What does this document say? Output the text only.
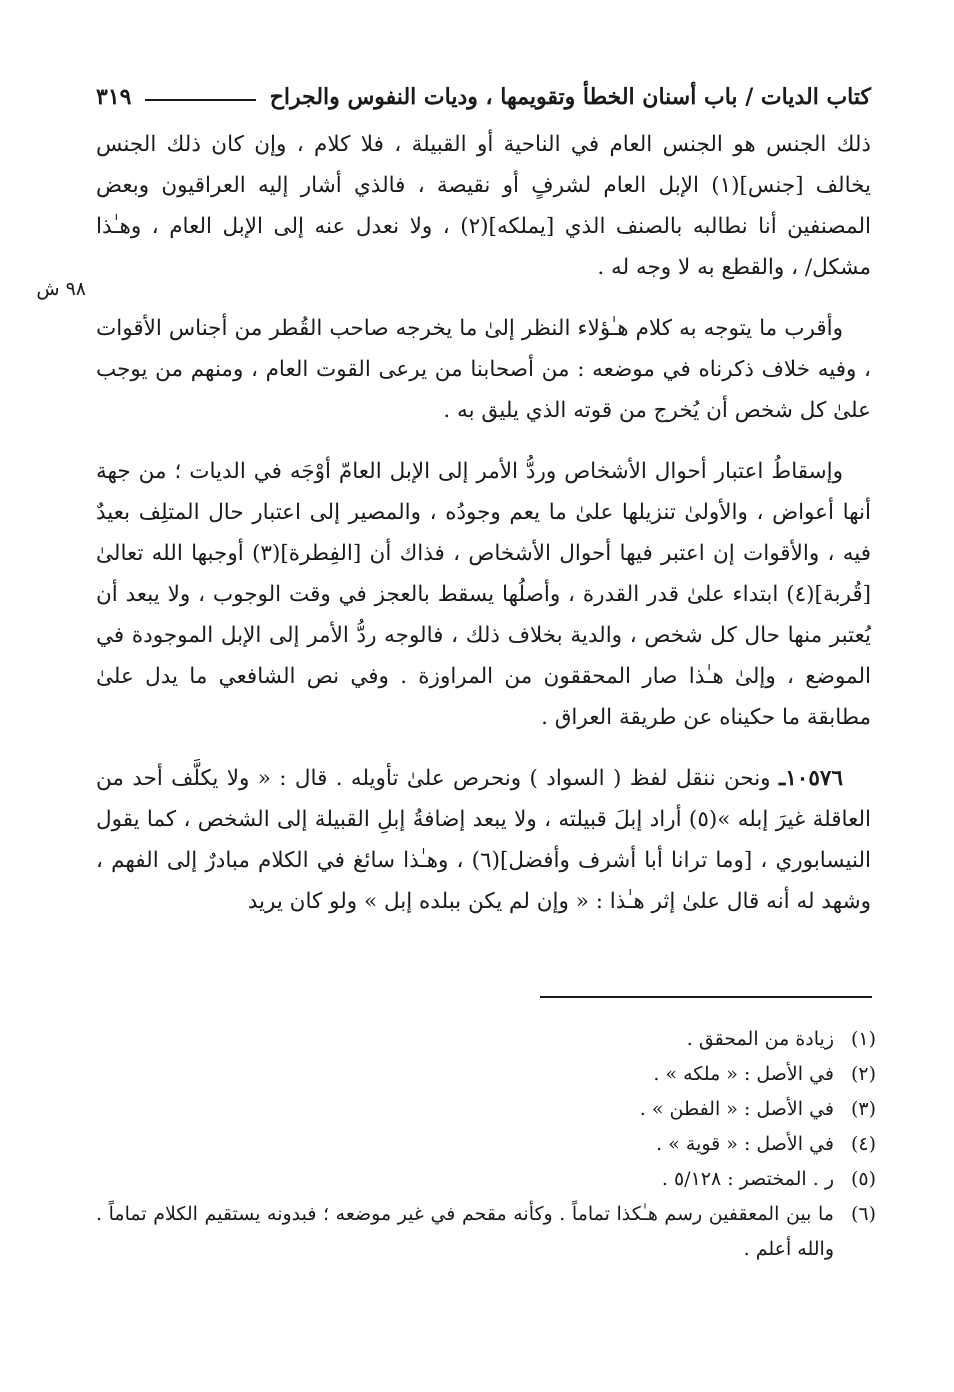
كتاب الديات / باب أسنان الخطأ وتقويمها ، وديات النفوس والجراح
٣١٩
٩٨ ش

ذلك الجنس هو الجنس العام في الناحية أو القبيلة ، فلا كلام ، وإن كان ذلك الجنس يخالف [جنس](١) الإبل العام لشرفٍ أو نقيصة ، فالذي أشار إليه العراقيون وبعض المصنفين أنا نطالبه بالصنف الذي [يملكه](٢) ، ولا نعدل عنه إلى الإبل العام ، وهـٰذا مشكل/ ، والقطع به لا وجه له .

وأقرب ما يتوجه به كلام هـٰؤلاء النظر إلىٰ ما يخرجه صاحب القُطر من أجناس الأقوات ، وفيه خلاف ذكرناه في موضعه : من أصحابنا من يرعى القوت العام ، ومنهم من يوجب علىٰ كل شخص أن يُخرج من قوته الذي يليق به .

وإسقاطُ اعتبار أحوال الأشخاص وردُّ الأمر إلى الإبل العامّ أوْجَه في الديات ؛ من جهة أنها أعواض ، والأولىٰ تنزيلها علىٰ ما يعم وجودُه ، والمصير إلى اعتبار حال المتلِف بعيدٌ فيه ، والأقوات إن اعتبر فيها أحوال الأشخاص ، فذاك أن [الفِطرة](٣) أوجبها الله تعالىٰ [قُربة](٤) ابتداء علىٰ قدر القدرة ، وأصلُها يسقط بالعجز في وقت الوجوب ، ولا يبعد أن يُعتبر منها حال كل شخص ، والدية بخلاف ذلك ، فالوجه ردُّ الأمر إلى الإبل الموجودة في الموضع ، وإلىٰ هـٰذا صار المحققون من المراوزة . وفي نص الشافعي ما يدل علىٰ مطابقة ما حكيناه عن طريقة العراق .

١٠٥٧٦ـ ونحن ننقل لفظ ( السواد ) ونحرص علىٰ تأويله . قال : « ولا يكلَّف أحد من العاقلة غيرَ إبله »(٥) أراد إبلَ قبيلته ، ولا يبعد إضافةُ إبلِ القبيلة إلى الشخص ، كما يقول النيسابوري ، [وما ترانا أبا أشرف وأفضل](٦) ، وهـٰذا سائغ في الكلام مبادرٌ إلى الفهم ، وشهد له أنه قال علىٰ إثر هـٰذا : « وإن لم يكن ببلده إبل » ولو كان يريد

(١)
زيادة من المحقق .
(٢)
في الأصل : « ملكه » .
(٣)
في الأصل : « الفطن » .
(٤)
في الأصل : « قوية » .
(٥)
ر . المختصر : ٥/١٢٨ .
(٦)
ما بين المعقفين رسم هـٰكذا تماماً . وكأنه مقحم في غير موضعه ؛ فبدونه يستقيم الكلام تماماً . والله أعلم .
